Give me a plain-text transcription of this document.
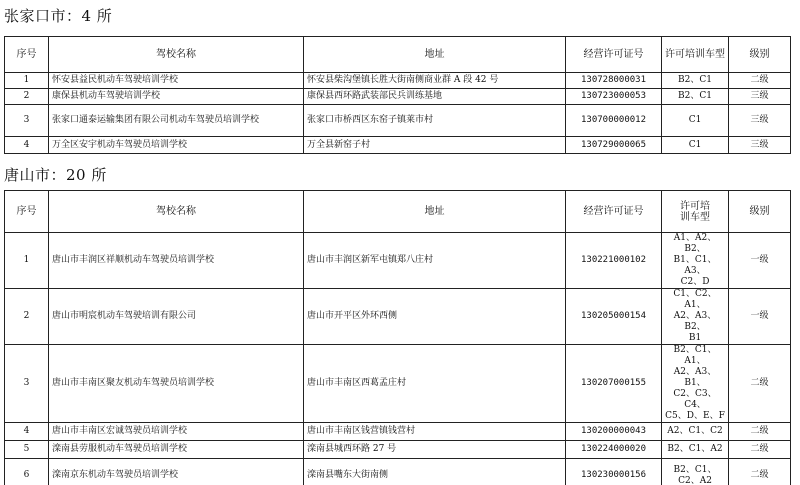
张家口市：4 所
序号	驾校名称	地址	经营许可证号	许可培训车型	级别
1	怀安县益民机动车驾驶培训学校	怀安县柴沟堡镇长胜大街南侧商业群 A 段 42 号	130728000031	B2、C1	二级
2	康保县机动车驾驶培训学校	康保县西环路武装部民兵训练基地	130723000053	B2、C1	三级
3	张家口通泰运输集团有限公司机动车驾驶员培训学校	张家口市桥西区东窑子镇莱市村	130700000012	C1	三级
4	万全区安宇机动车驾驶员培训学校	万全县新窑子村	130729000065	C1	三级
唐山市：20 所
序号	驾校名称	地址	经营许可证号	许可培
训车型	级别
1	唐山市丰润区祥顺机动车驾驶员培训学校	唐山市丰润区新军屯镇郑八庄村	130221000102	A1、A2、B2、
B1、C1、A3、
C2、D	一级
2	唐山市明宸机动车驾驶培训有限公司	唐山市开平区外环西侧	130205000154	C1、C2、A1、
A2、A3、B2、
B1	一级
3	唐山市丰南区聚友机动车驾驶员培训学校	唐山市丰南区西葛孟庄村	130207000155	B2、C1、A1、
A2、A3、B1、
C2、C3、C4、
C5、D、E、F	二级
4	唐山市丰南区宏诚驾驶员培训学校	唐山市丰南区钱营镇钱营村	130200000043	A2、C1、C2	二级
5	滦南县劳服机动车驾驶员培训学校	滦南县城西环路 27 号	130224000020	B2、C1、A2	二级
6	滦南京东机动车驾驶员培训学校	滦南县嘴东大街南侧	130230000156	B2、C1、
C2、A2	二级
